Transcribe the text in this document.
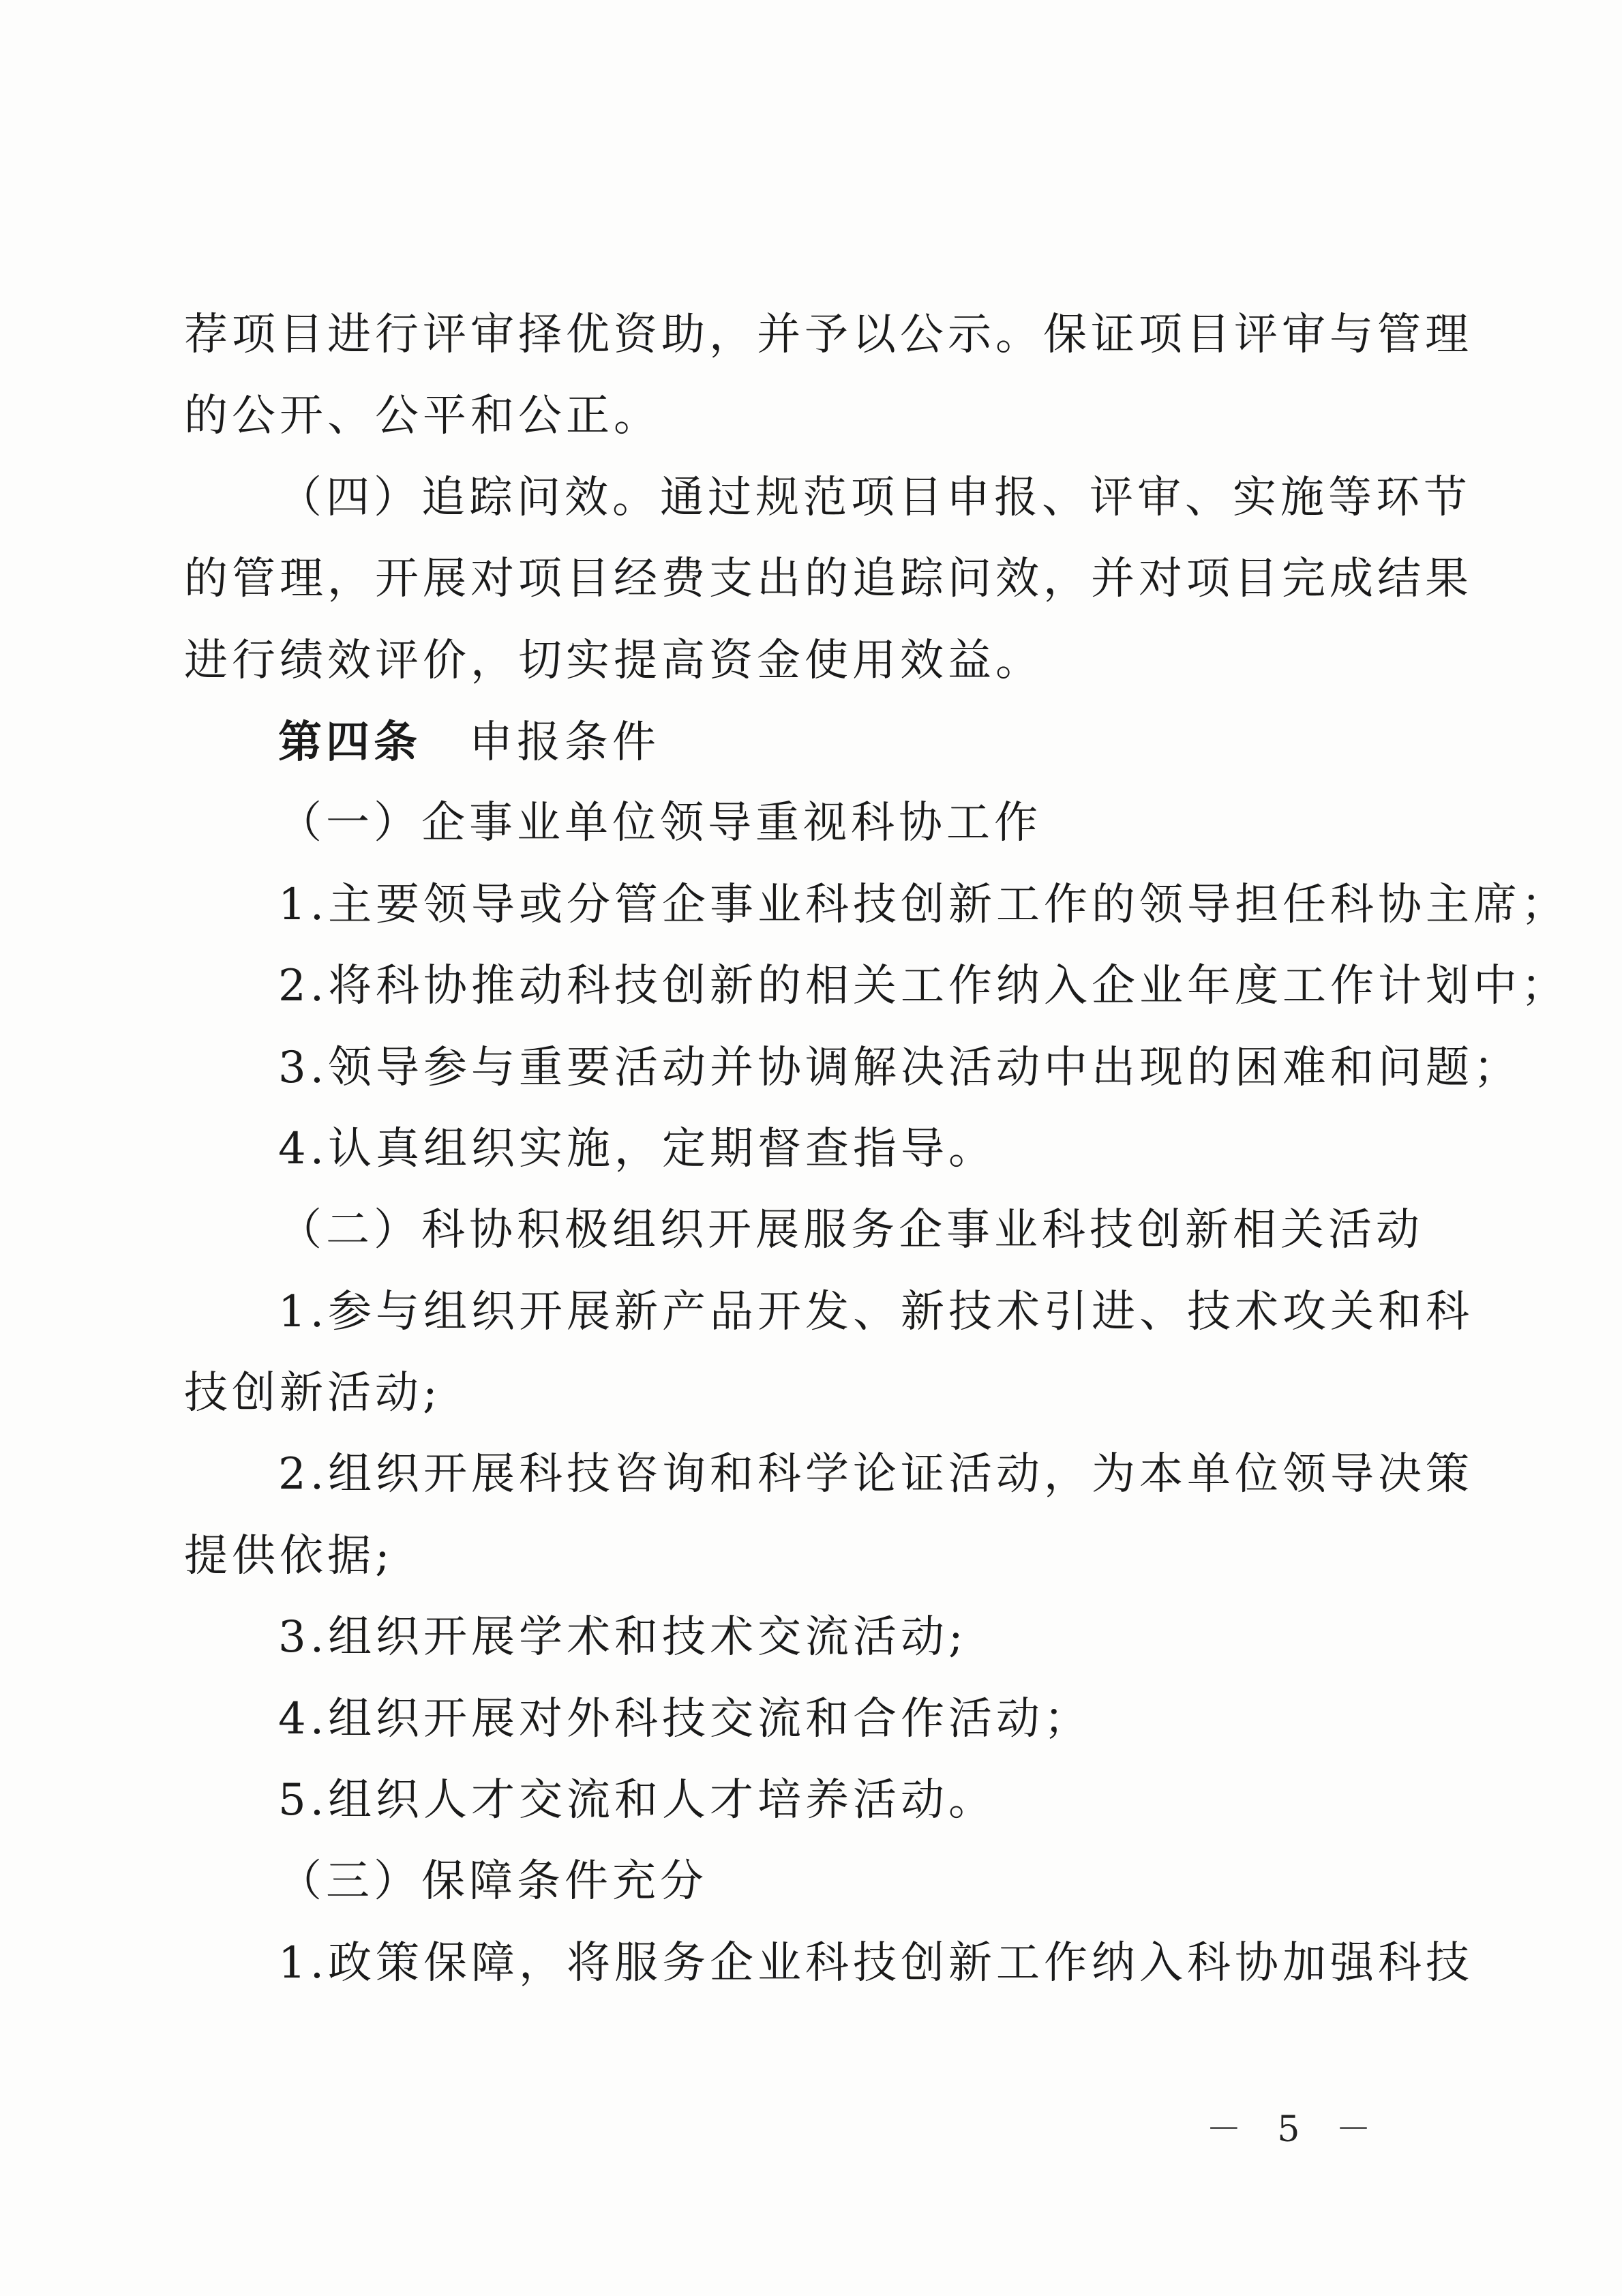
荐项目进行评审择优资助，并予以公示。保证项目评审与管理
的公开、公平和公正。
（四）追踪问效。通过规范项目申报、评审、实施等环节
的管理，开展对项目经费支出的追踪问效，并对项目完成结果
进行绩效评价，切实提高资金使用效益。
第四条 申报条件
（一）企事业单位领导重视科协工作
1.主要领导或分管企事业科技创新工作的领导担任科协主席；
2.将科协推动科技创新的相关工作纳入企业年度工作计划中；
3.领导参与重要活动并协调解决活动中出现的困难和问题；
4.认真组织实施，定期督查指导。
（二）科协积极组织开展服务企事业科技创新相关活动
1.参与组织开展新产品开发、新技术引进、技术攻关和科
技创新活动;
2.组织开展科技咨询和科学论证活动，为本单位领导决策
提供依据;
3.组织开展学术和技术交流活动;
4.组织开展对外科技交流和合作活动；
5.组织人才交流和人才培养活动。
（三）保障条件充分
1.政策保障，将服务企业科技创新工作纳入科协加强科技
－ 5 －
